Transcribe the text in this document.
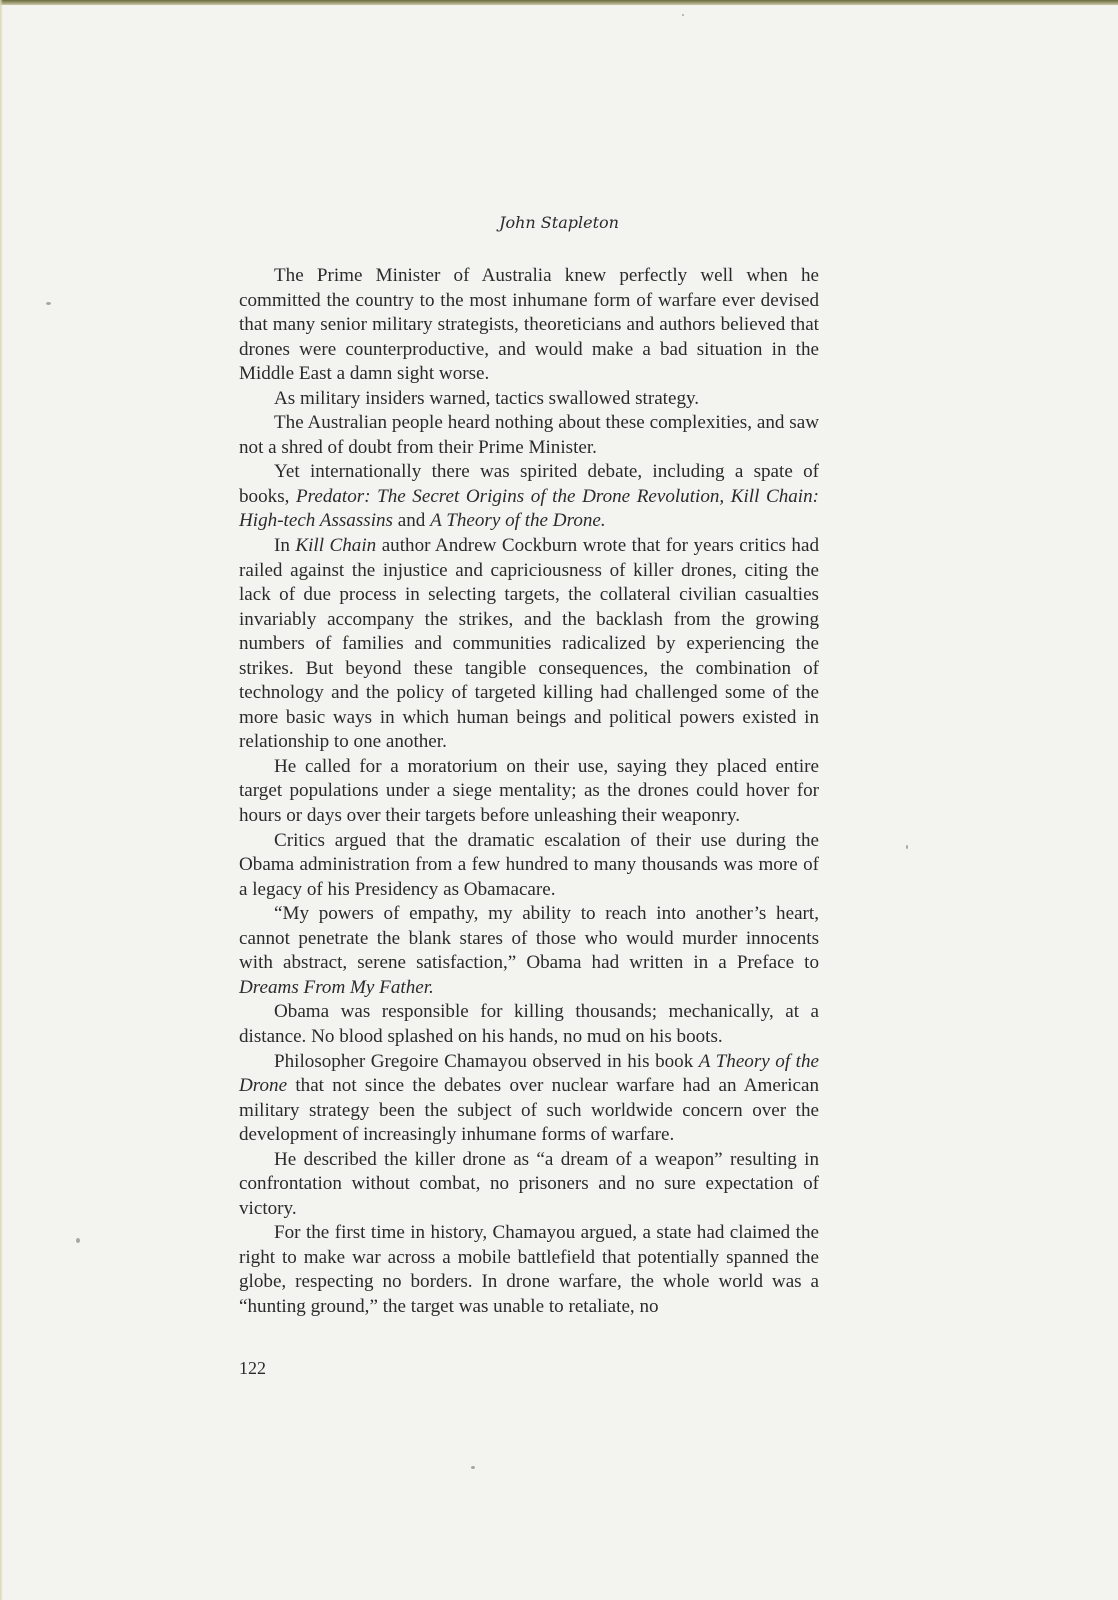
John Stapleton

The Prime Minister of Australia knew perfectly well when he committed the country to the most inhumane form of warfare ever devised that many senior military strategists, theoreticians and authors believed that drones were counterproductive, and would make a bad situation in the Middle East a damn sight worse.

As military insiders warned, tactics swallowed strategy.

The Australian people heard nothing about these complexities, and saw not a shred of doubt from their Prime Minister.

Yet internationally there was spirited debate, including a spate of books, Predator: The Secret Origins of the Drone Revolution, Kill Chain: High-tech Assassins and A Theory of the Drone.

In Kill Chain author Andrew Cockburn wrote that for years critics had railed against the injustice and capriciousness of killer drones, citing the lack of due process in selecting targets, the collateral civilian casualties invariably accompany the strikes, and the backlash from the growing numbers of families and communities radicalized by experiencing the strikes. But beyond these tangible consequences, the combination of technology and the policy of targeted killing had challenged some of the more basic ways in which human beings and political powers existed in relationship to one another.

He called for a moratorium on their use, saying they placed entire target populations under a siege mentality; as the drones could hover for hours or days over their targets before unleashing their weaponry.

Critics argued that the dramatic escalation of their use during the Obama administration from a few hundred to many thousands was more of a legacy of his Presidency as Obamacare.

“My powers of empathy, my ability to reach into another’s heart, cannot penetrate the blank stares of those who would murder innocents with abstract, serene satisfaction,” Obama had written in a Preface to Dreams From My Father.

Obama was responsible for killing thousands; mechanically, at a distance. No blood splashed on his hands, no mud on his boots.

Philosopher Gregoire Chamayou observed in his book A Theory of the Drone that not since the debates over nuclear warfare had an American military strategy been the subject of such worldwide concern over the development of increasingly inhumane forms of warfare.

He described the killer drone as “a dream of a weapon” resulting in confrontation without combat, no prisoners and no sure expectation of victory.

For the first time in history, Chamayou argued, a state had claimed the right to make war across a mobile battlefield that potentially spanned the globe, respecting no borders. In drone warfare, the whole world was a “hunting ground,” the target was unable to retaliate, no

122
